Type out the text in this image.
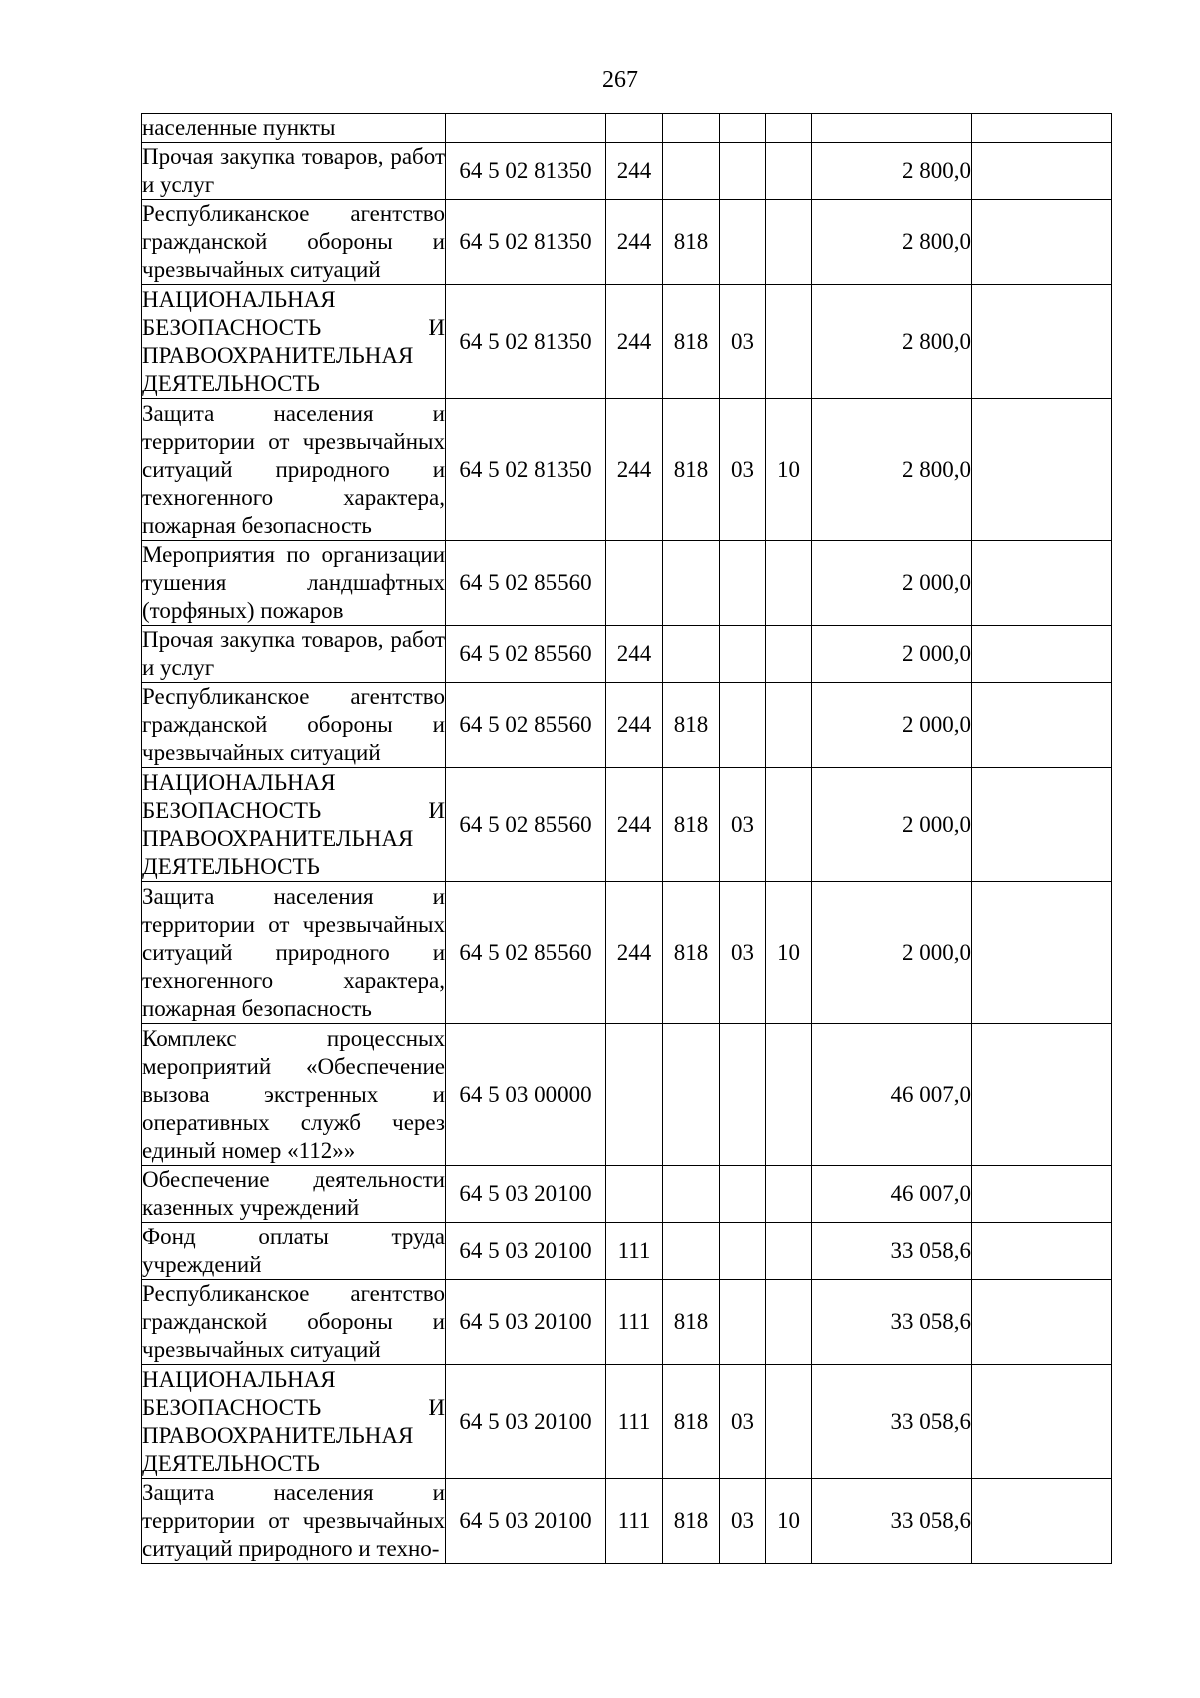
267
населенные пункты							
Прочая закупка товаров, работ и услуг	64 5 02 81350	244				2 800,0	
Республиканское агентство гражданской обороны и чрезвычайных ситуаций	64 5 02 81350	244	818			2 800,0	
НАЦИОНАЛЬНАЯ БЕЗОПАСНОСТЬ И ПРАВООХРАНИТЕЛЬНАЯ ДЕЯТЕЛЬНОСТЬ	64 5 02 81350	244	818	03		2 800,0	
Защита населения и территории от чрезвычайных ситуаций природного и техногенного характера, пожарная безопасность	64 5 02 81350	244	818	03	10	2 800,0	
Мероприятия по организации тушения ландшафтных (торфяных) пожаров	64 5 02 85560					2 000,0	
Прочая закупка товаров, работ и услуг	64 5 02 85560	244				2 000,0	
Республиканское агентство гражданской обороны и чрезвычайных ситуаций	64 5 02 85560	244	818			2 000,0	
НАЦИОНАЛЬНАЯ БЕЗОПАСНОСТЬ И ПРАВООХРАНИТЕЛЬНАЯ ДЕЯТЕЛЬНОСТЬ	64 5 02 85560	244	818	03		2 000,0	
Защита населения и территории от чрезвычайных ситуаций природного и техногенного характера, пожарная безопасность	64 5 02 85560	244	818	03	10	2 000,0	
Комплекс процессных мероприятий «Обеспечение вызова экстренных и оперативных служб через единый номер «112»»	64 5 03 00000					46 007,0	
Обеспечение деятельности казенных учреждений	64 5 03 20100					46 007,0	
Фонд оплаты труда учреждений	64 5 03 20100	111				33 058,6	
Республиканское агентство гражданской обороны и чрезвычайных ситуаций	64 5 03 20100	111	818			33 058,6	
НАЦИОНАЛЬНАЯ БЕЗОПАСНОСТЬ И ПРАВООХРАНИТЕЛЬНАЯ ДЕЯТЕЛЬНОСТЬ	64 5 03 20100	111	818	03		33 058,6	
Защита населения и территории от чрезвычайных ситуаций природного и техно-	64 5 03 20100	111	818	03	10	33 058,6	
